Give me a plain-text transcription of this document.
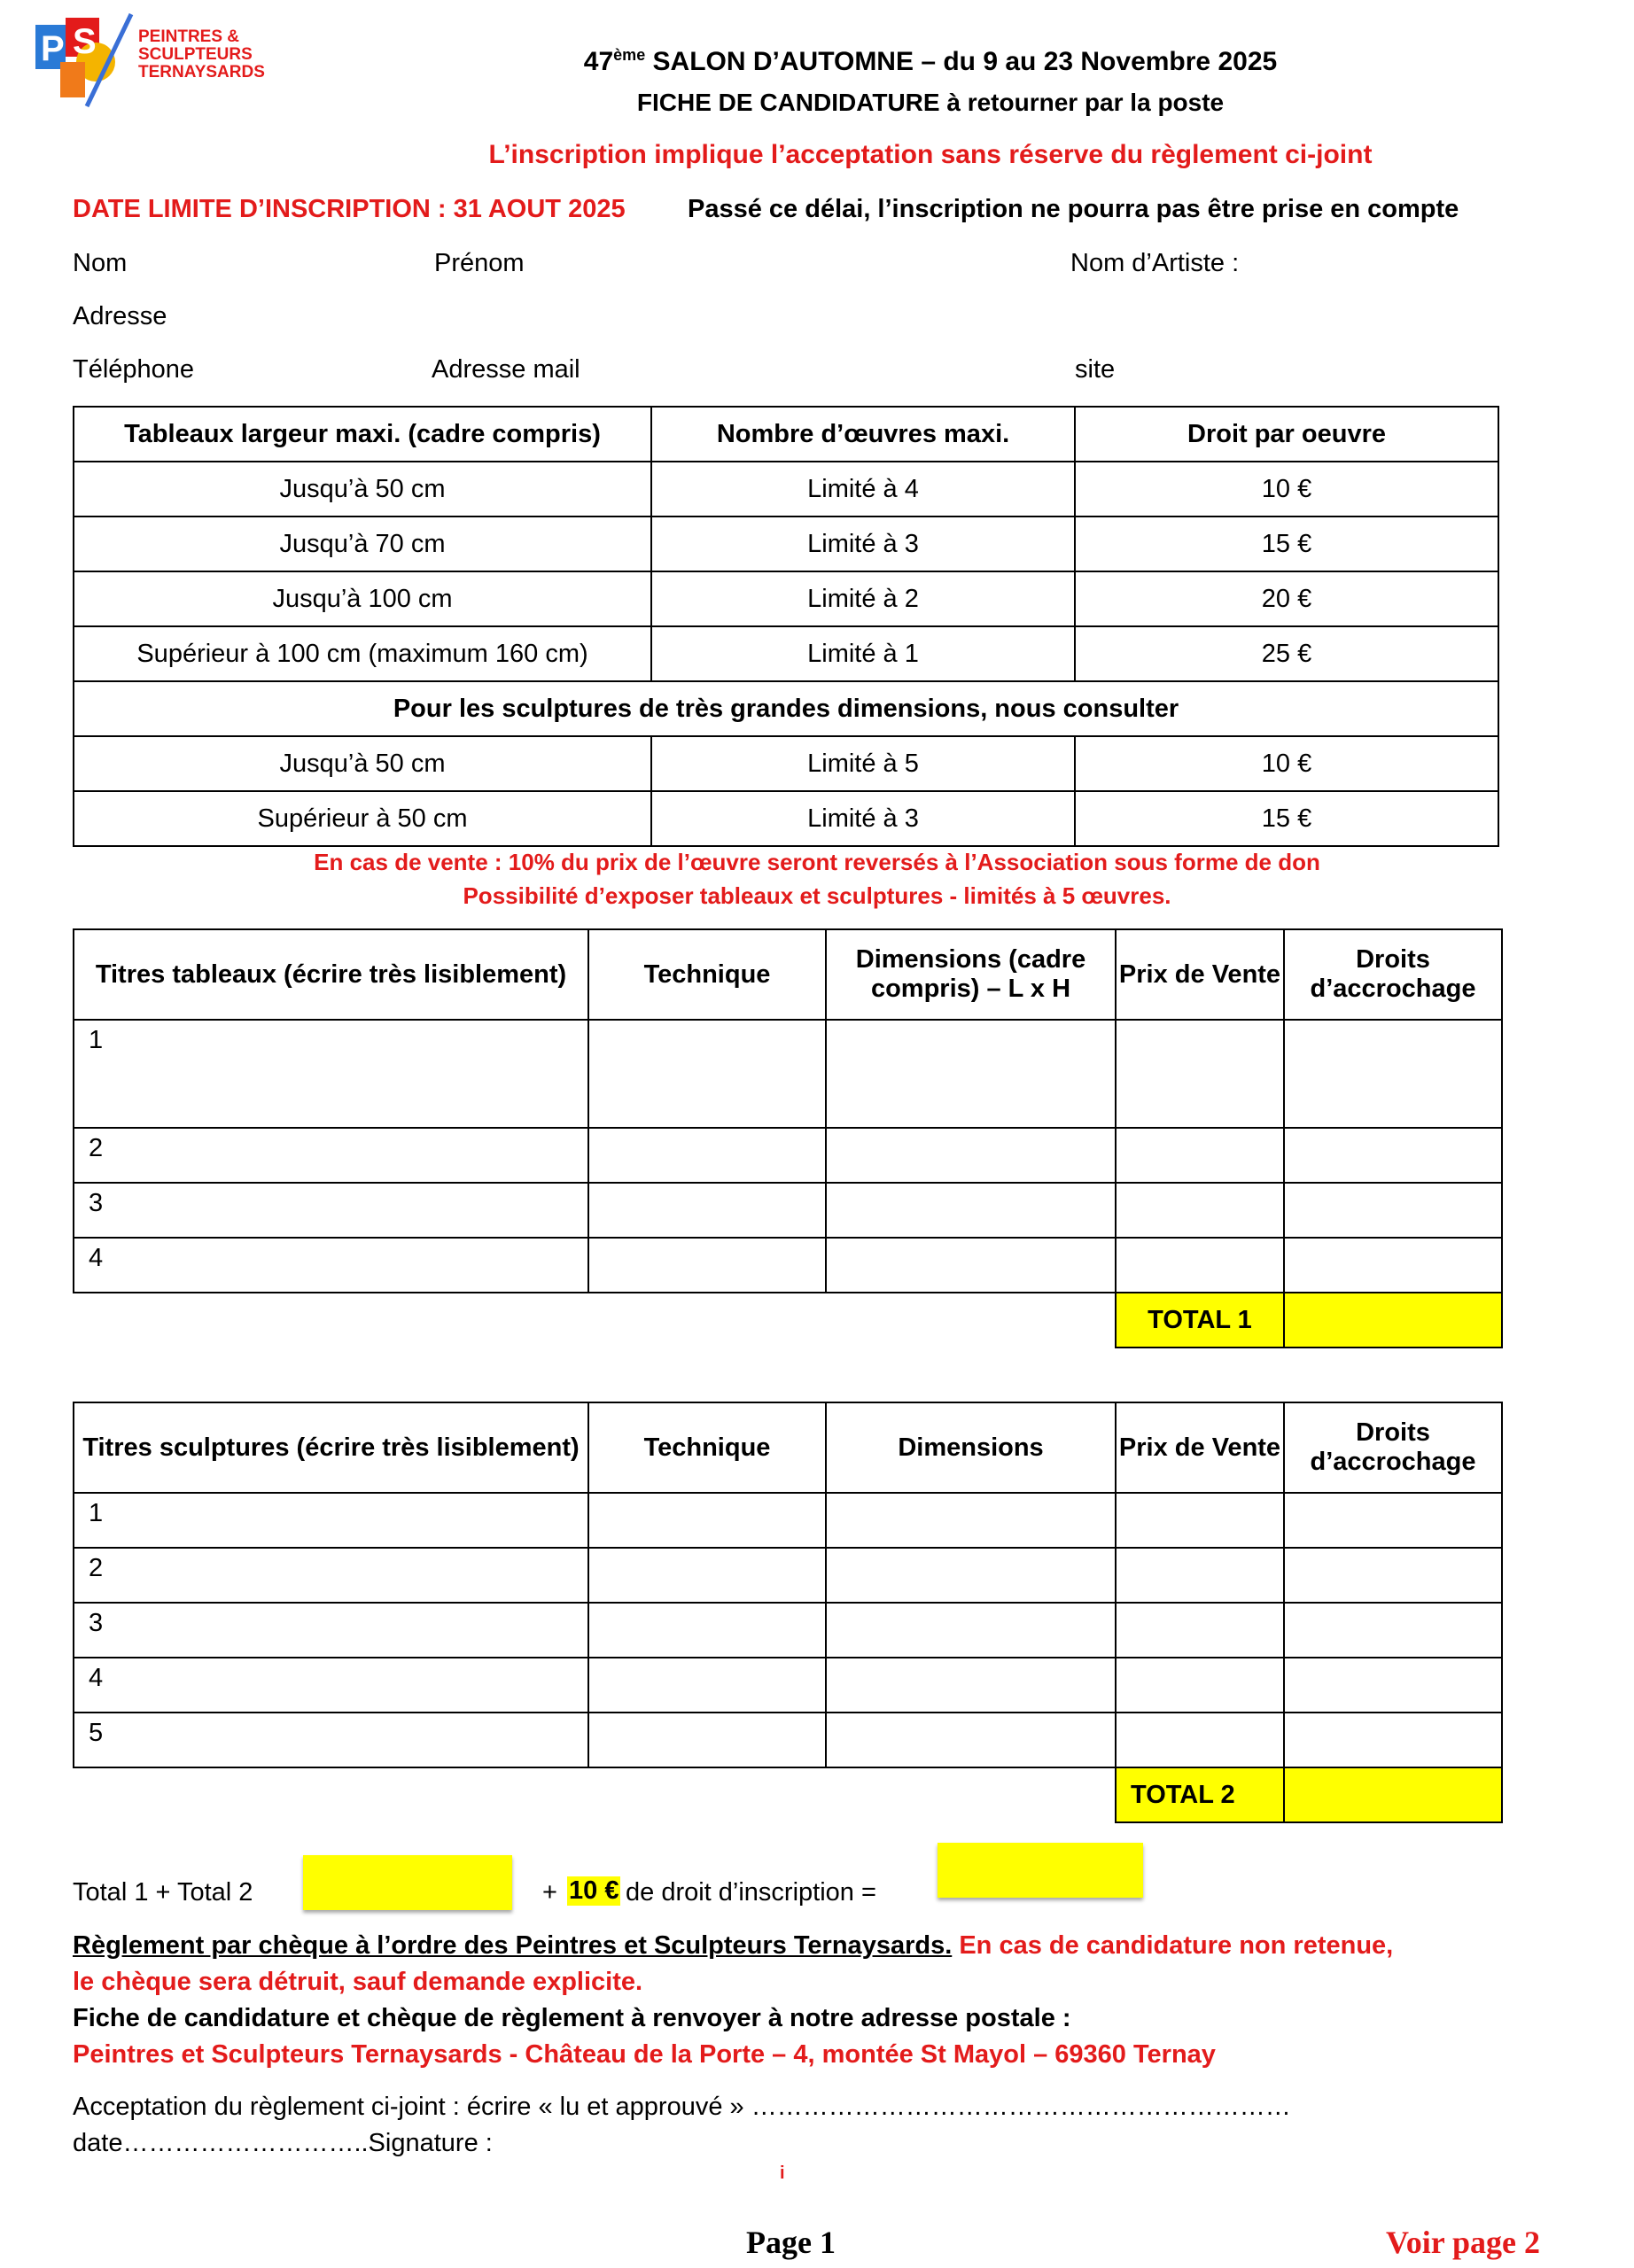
P S PEINTRES &
SCULPTEURS
TERNAYSARDS	47ème SALON D’AUTOMNE – du 9 au 23 Novembre 2025
FICHE DE CANDIDATURE à retourner par la poste
L’inscription implique l’acceptation sans réserve du règlement ci-joint
DATE LIMITE D’INSCRIPTION : 31 AOUT 2025 Passé ce délai, l’inscription ne pourra pas être prise en compte
Nom	Prénom	Nom d’Artiste :
Adresse
Téléphone	Adresse mail	site
Tableaux largeur maxi. (cadre compris)	Nombre d’œuvres maxi.	Droit par oeuvre
Jusqu’à 50 cm	Limité à 4	10 €
Jusqu’à 70 cm	Limité à 3	15 €
Jusqu’à 100 cm	Limité à 2	20 €
Supérieur à 100 cm (maximum 160 cm)	Limité à 1	25 €
Pour les sculptures de très grandes dimensions, nous consulter		
Jusqu’à 50 cm	Limité à 5	10 €
Supérieur à 50 cm	Limité à 3	15 €
En cas de vente : 10% du prix de l’œuvre seront reversés à l’Association sous forme de don
Possibilité d’exposer tableaux et sculptures - limités à 5 œuvres.
Titres tableaux (écrire très lisiblement)	Technique	Dimensions (cadre compris) – L x H	Prix de Vente	Droits d’accrochage
1				
2				
3				
4				
			TOTAL 1	
Titres sculptures (écrire très lisiblement)	Technique	Dimensions	Prix de Vente	Droits d’accrochage
1				
2				
3				
4				
5				
			TOTAL 2	
Total 1 + Total 2	+ 10 € de droit d’inscription =
Règlement par chèque à l’ordre des Peintres et Sculpteurs Ternaysards. En cas de candidature non retenue,
le chèque sera détruit, sauf demande explicite.
Fiche de candidature et chèque de règlement à renvoyer à notre adresse postale :
Peintres et Sculpteurs Ternaysards - Château de la Porte – 4, montée St Mayol – 69360 Ternay
Acceptation du règlement ci-joint : écrire « lu et approuvé » ………………………………………………………
date………………………..Signature :
i
Page 1	Voir page 2
